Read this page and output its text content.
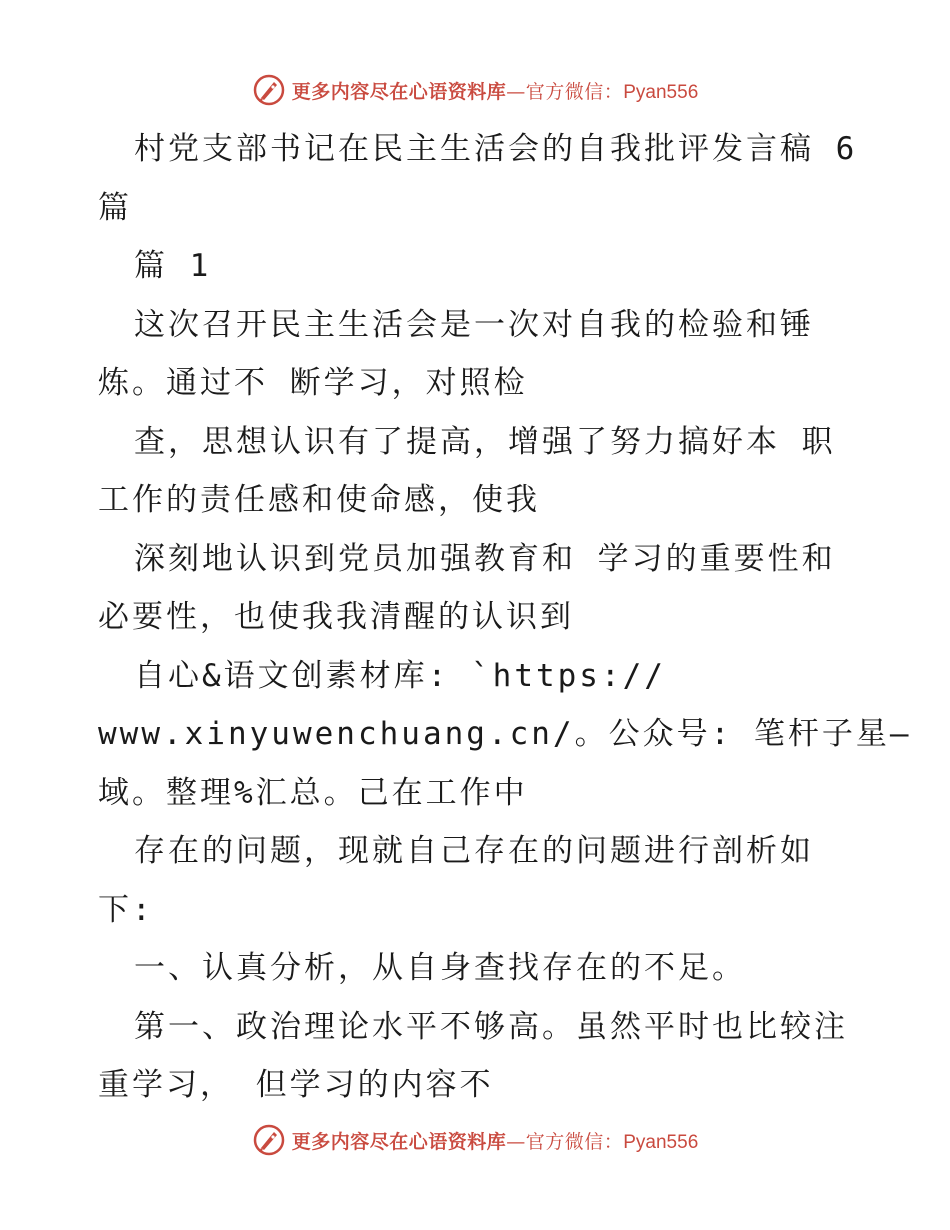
更多内容尽在心语资料库—官方微信：Pyan556
村党支部书记在民主生活会的自我批评发言稿 6
篇
篇 1
这次召开民主生活会是一次对自我的检验和锤
炼。通过不 断学习，对照检
查，思想认识有了提高，增强了努力搞好本 职
工作的责任感和使命感，使我
深刻地认识到党员加强教育和 学习的重要性和
必要性，也使我我清醒的认识到
自心&语文创素材库: `https://
www.xinyuwenchuang.cn/。公众号: 笔杆子星—
域。整理%汇总。己在工作中
存在的问题，现就自己存在的问题进行剖析如
下:
一、认真分析，从自身查找存在的不足。
第一、政治理论水平不够高。虽然平时也比较注
重学习， 但学习的内容不
更多内容尽在心语资料库—官方微信：Pyan556
